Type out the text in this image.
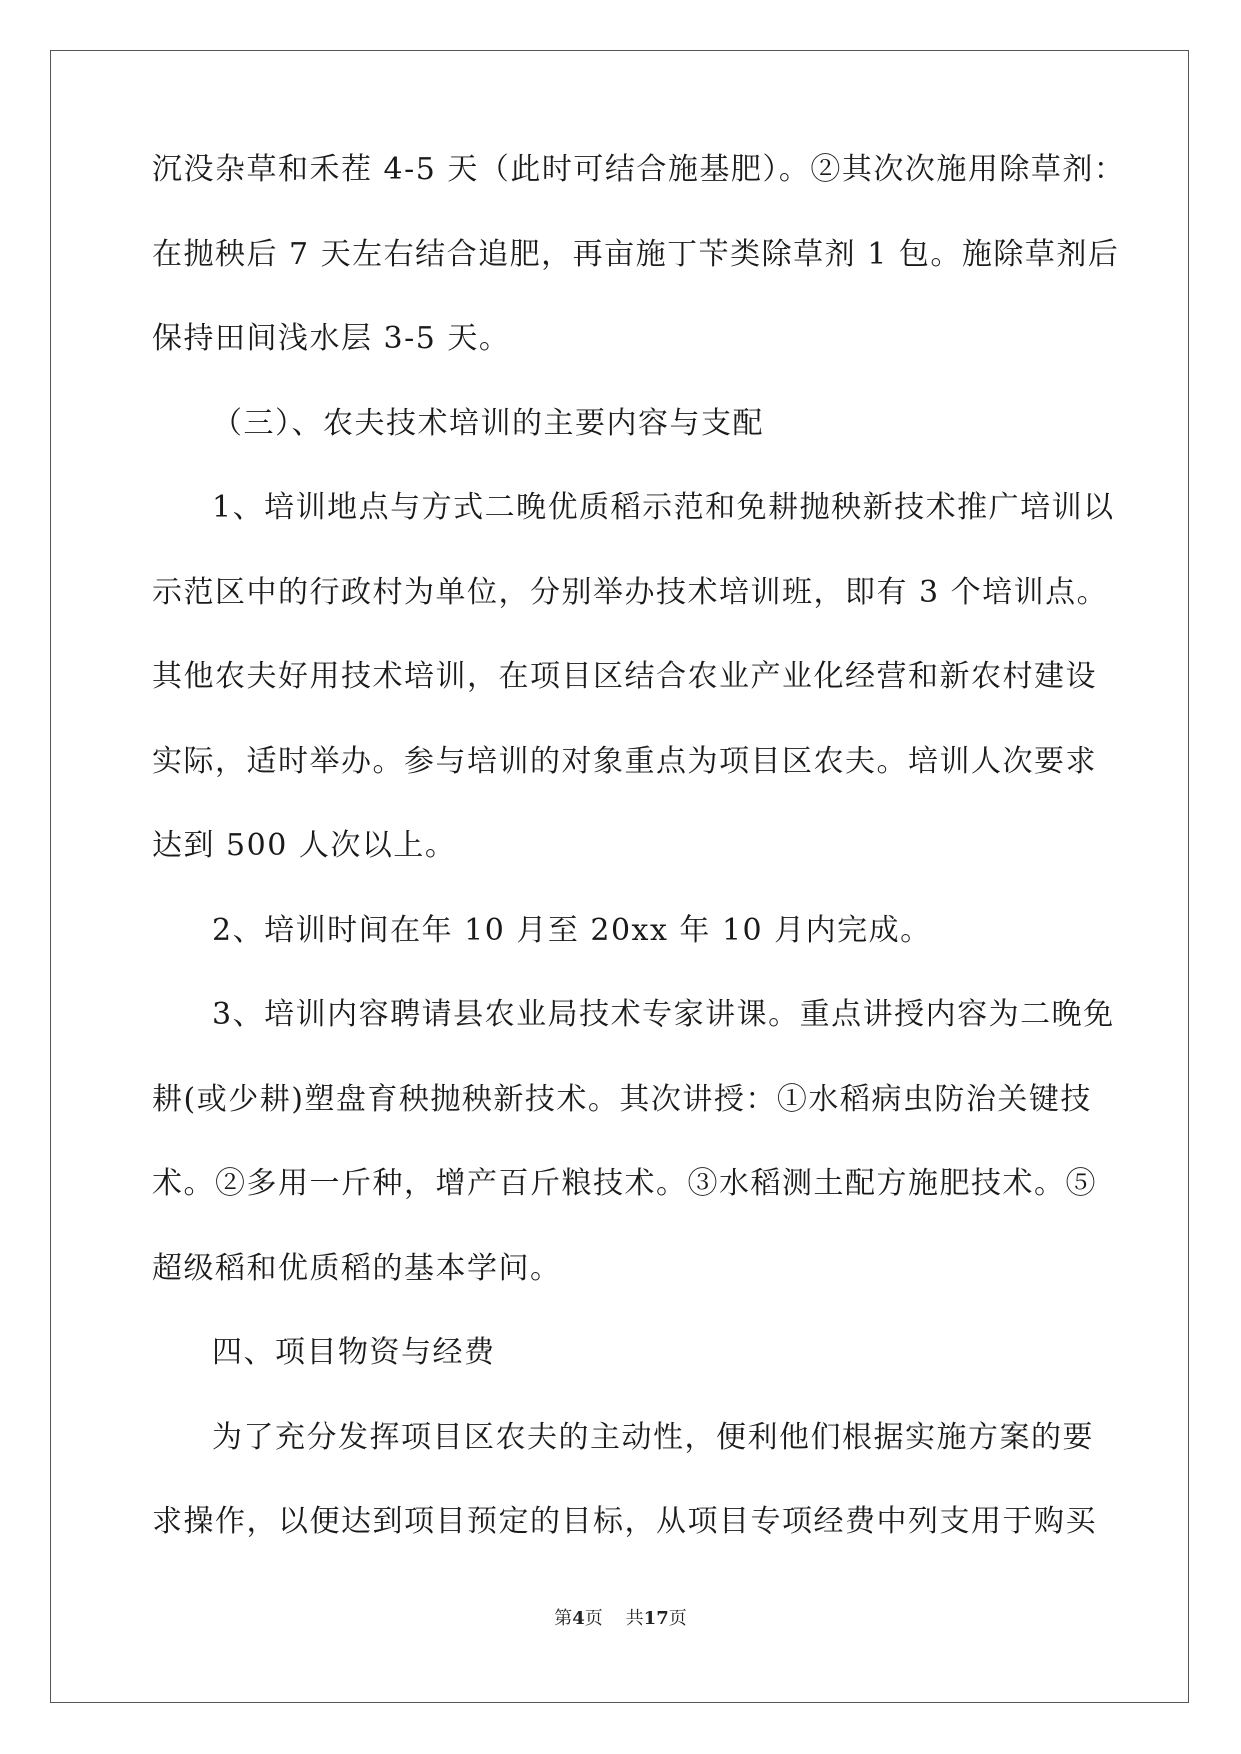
沉没杂草和禾茬 4-5 天（此时可结合施基肥）。②其次次施用除草剂：
在抛秧后 7 天左右结合追肥，再亩施丁苄类除草剂 1 包。施除草剂后
保持田间浅水层 3-5 天。
（三）、农夫技术培训的主要内容与支配
1、培训地点与方式二晚优质稻示范和免耕抛秧新技术推广培训以
示范区中的行政村为单位，分别举办技术培训班，即有 3 个培训点。
其他农夫好用技术培训，在项目区结合农业产业化经营和新农村建设
实际，适时举办。参与培训的对象重点为项目区农夫。培训人次要求
达到 500 人次以上。
2、培训时间在年 10 月至 20xx 年 10 月内完成。
3、培训内容聘请县农业局技术专家讲课。重点讲授内容为二晚免
耕(或少耕)塑盘育秧抛秧新技术。其次讲授：①水稻病虫防治关键技
术。②多用一斤种，增产百斤粮技术。③水稻测土配方施肥技术。⑤
超级稻和优质稻的基本学问。
四、项目物资与经费
为了充分发挥项目区农夫的主动性，便利他们根据实施方案的要
求操作，以便达到项目预定的目标，从项目专项经费中列支用于购买
第4页 共17页
